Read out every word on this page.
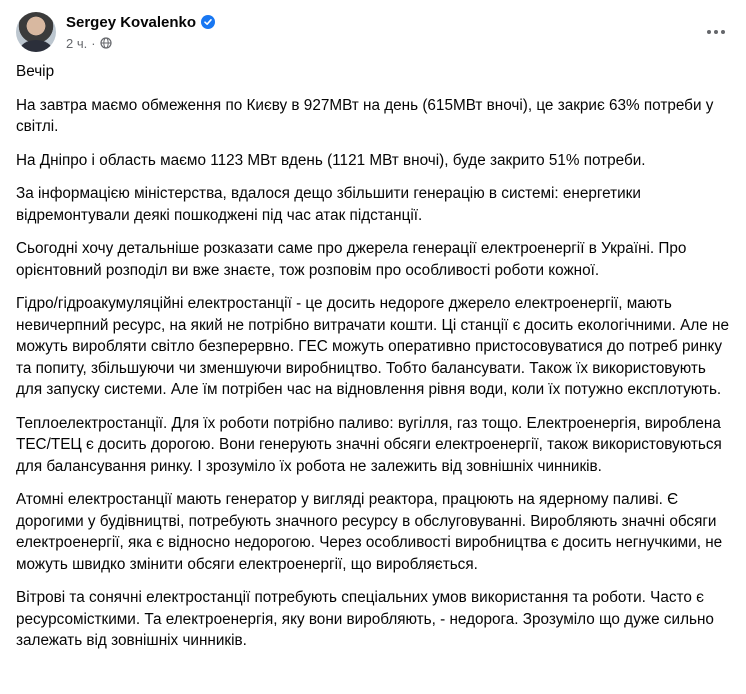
Sergey Kovalenko
2 ч. ·

Вечір

На завтра маємо обмеження по Києву в 927МВт на день (615МВт вночі), це закриє 63% потреби у світлі.

На Дніпро і область маємо 1123 МВт вдень (1121 МВт вночі), буде закрито 51% потреби.

За інформацією міністерства, вдалося дещо збільшити генерацію в системі: енергетики відремонтували деякі пошкоджені під час атак підстанції.

Сьогодні хочу детальніше розказати саме про джерела генерації електроенергії в Україні. Про орієнтовний розподіл ви вже знаєте, тож розповім про особливості роботи кожної.

Гідро/гідроакумуляційні електростанції - це досить недороге джерело електроенергії, мають невичерпний ресурс, на який не потрібно витрачати кошти. Ці станції є досить екологічними. Але не можуть виробляти світло безперервно. ГЕС можуть оперативно пристосовуватися до потреб ринку та попиту, збільшуючи чи зменшуючи виробництво. Тобто балансувати. Також їх використовують для запуску системи. Але їм потрібен час на відновлення рівня води, коли їх потужно експлотують.

Теплоелектростанції. Для їх роботи потрібно паливо: вугілля, газ тощо. Електроенергія, вироблена ТЕС/ТЕЦ є досить дорогою. Вони генерують значні обсяги електроенергії, також використовуються для балансування ринку. І зрозуміло їх робота не залежить від зовнішніх чинників.

Атомні електростанції мають генератор у вигляді реактора, працюють на ядерному паливі. Є дорогими у будівництві, потребують значного ресурсу в обслуговуванні. Виробляють значні обсяги електроенергії, яка є відносно недорогою. Через особливості виробництва є досить негнучкими, не можуть швидко змінити обсяги електроенергії, що виробляється.

Вітрові та сонячні електростанції потребують спеціальних умов використання та роботи. Часто є ресурсомісткими. Та електроенергія, яку вони виробляють, - недорога. Зрозуміло що дуже сильно залежать від зовнішніх чинників.
